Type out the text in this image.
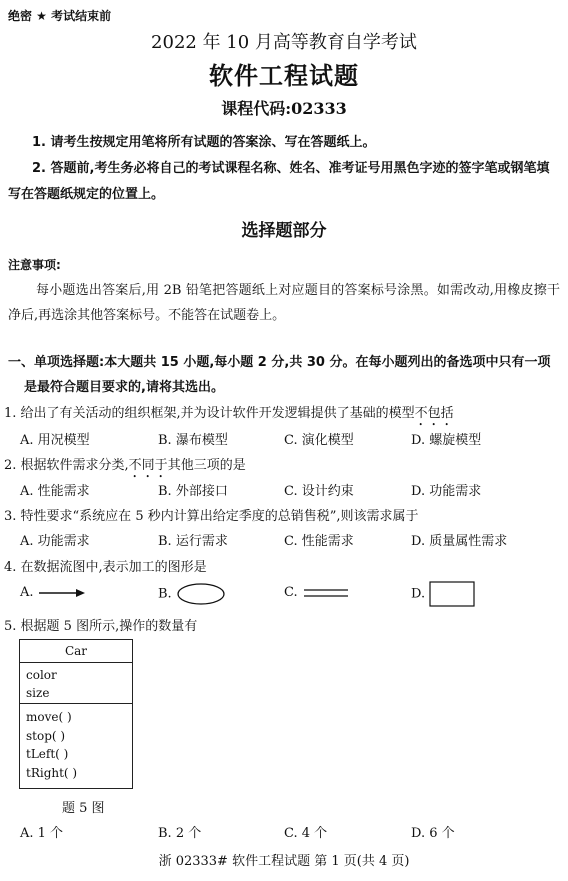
绝密 ★ 考试结束前
2022 年 10 月高等教育自学考试
软件工程试题
课程代码:02333
1. 请考生按规定用笔将所有试题的答案涂、写在答题纸上。
2. 答题前,考生务必将自己的考试课程名称、姓名、准考证号用黑色字迹的签字笔或钢笔填写在答题纸规定的位置上。
选择题部分
注意事项:
每小题选出答案后,用 2B 铅笔把答题纸上对应题目的答案标号涂黑。如需改动,用橡皮擦干净后,再选涂其他答案标号。不能答在试题卷上。
一、单项选择题:本大题共 15 小题,每小题 2 分,共 30 分。在每小题列出的备选项中只有一项
是最符合题目要求的,请将其选出。
1. 给出了有关活动的组织框架,并为设计软件开发逻辑提供了基础的模型不包括
A. 用况模型	B. 瀑布模型	C. 演化模型	D. 螺旋模型
2. 根据软件需求分类,不同于其他三项的是
A. 性能需求	B. 外部接口	C. 设计约束	D. 功能需求
3. 特性要求“系统应在 5 秒内计算出给定季度的总销售税”,则该需求属于
A. 功能需求	B. 运行需求	C. 性能需求	D. 质量属性需求
4. 在数据流图中,表示加工的图形是
A.	B.	C.	D.
5. 根据题 5 图所示,操作的数量有
Car
color
size
move( )
stop( )
tLeft( )
tRight( )
题 5 图
A. 1 个	B. 2 个	C. 4 个	D. 6 个
浙 02333# 软件工程试题 第 1 页(共 4 页)
